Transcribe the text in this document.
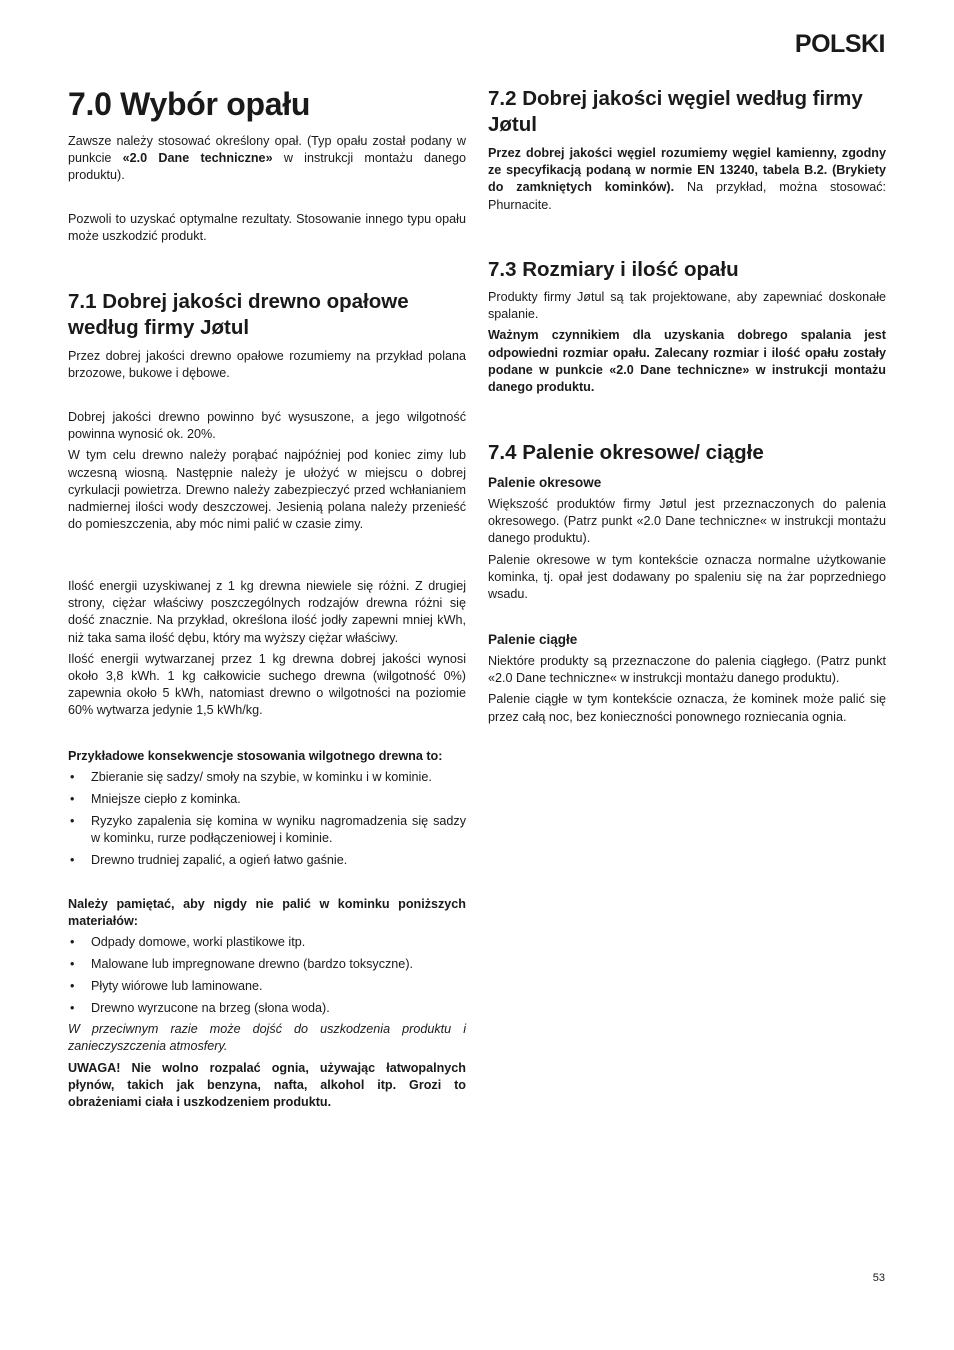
POLSKI
7.0 Wybór opału

Zawsze należy stosować określony opał. (Typ opału został podany w punkcie «2.0 Dane techniczne» w instrukcji montażu danego produktu).

Pozwoli to uzyskać optymalne rezultaty. Stosowanie innego typu opału może uszkodzić produkt.

7.1 Dobrej jakości drewno opałowe według firmy Jøtul

Przez dobrej jakości drewno opałowe rozumiemy na przykład polana brzozowe, bukowe i dębowe.

Dobrej jakości drewno powinno być wysuszone, a jego wilgotność powinna wynosić ok. 20%.

W tym celu drewno należy porąbać najpóźniej pod koniec zimy lub wczesną wiosną. Następnie należy je ułożyć w miejscu o dobrej cyrkulacji powietrza. Drewno należy zabezpieczyć przed wchłanianiem nadmiernej ilości wody deszczowej. Jesienią polana należy przenieść do pomieszczenia, aby móc nimi palić w czasie zimy.

Ilość energii uzyskiwanej z 1 kg drewna niewiele się różni. Z drugiej strony, ciężar właściwy poszczególnych rodzajów drewna różni się dość znacznie. Na przykład, określona ilość jodły zapewni mniej kWh, niż taka sama ilość dębu, który ma wyższy ciężar właściwy.

Ilość energii wytwarzanej przez 1 kg drewna dobrej jakości wynosi około 3,8 kWh. 1 kg całkowicie suchego drewna (wilgotność 0%) zapewnia około 5 kWh, natomiast drewno o wilgotności na poziomie 60% wytwarza jedynie 1,5 kWh/kg.

Przykładowe konsekwencje stosowania wilgotnego drewna to:

• Zbieranie się sadzy/ smoły na szybie, w kominku i w kominie.
• Mniejsze ciepło z kominka.
• Ryzyko zapalenia się komina w wyniku nagromadzenia się sadzy w kominku, rurze podłączeniowej i kominie.
• Drewno trudniej zapalić, a ogień łatwo gaśnie.

Należy pamiętać, aby nigdy nie palić w kominku poniższych materiałów:

• Odpady domowe, worki plastikowe itp.
• Malowane lub impregnowane drewno (bardzo toksyczne).
• Płyty wiórowe lub laminowane.
• Drewno wyrzucone na brzeg (słona woda).

W przeciwnym razie może dojść do uszkodzenia produktu i zanieczyszczenia atmosfery.

UWAGA! Nie wolno rozpalać ognia, używając łatwopalnych płynów, takich jak benzyna, nafta, alkohol itp. Grozi to obrażeniami ciała i uszkodzeniem produktu.

7.2 Dobrej jakości węgiel według firmy Jøtul

Przez dobrej jakości węgiel rozumiemy węgiel kamienny, zgodny ze specyfikacją podaną w normie EN 13240, tabela B.2. (Brykiety do zamkniętych kominków). Na przykład, można stosować: Phurnacite.

7.3 Rozmiary i ilość opału

Produkty firmy Jøtul są tak projektowane, aby zapewniać doskonałe spalanie.

Ważnym czynnikiem dla uzyskania dobrego spalania jest odpowiedni rozmiar opału. Zalecany rozmiar i ilość opału zostały podane w punkcie «2.0 Dane techniczne» w instrukcji montażu danego produktu.

7.4 Palenie okresowe/ ciągłe
Palenie okresowe

Większość produktów firmy Jøtul jest przeznaczonych do palenia okresowego. (Patrz punkt «2.0 Dane techniczne« w instrukcji montażu danego produktu).

Palenie okresowe w tym kontekście oznacza normalne użytkowanie kominka, tj. opał jest dodawany po spaleniu się na żar poprzedniego wsadu.

Palenie ciągłe

Niektóre produkty są przeznaczone do palenia ciągłego. (Patrz punkt «2.0 Dane techniczne« w instrukcji montażu danego produktu).

Palenie ciągłe w tym kontekście oznacza, że kominek może palić się przez całą noc, bez konieczności ponownego rozniecania ognia.

53
